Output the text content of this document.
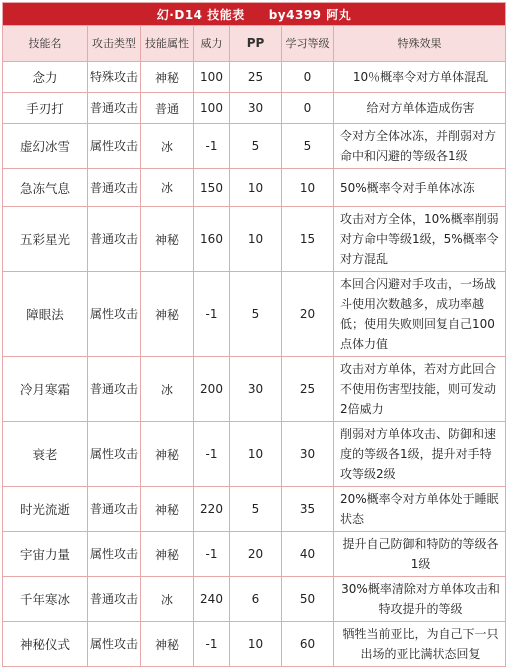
幻·D14 技能表 by4399 阿丸						
技能名	攻击类型	技能属性	威力	PP	学习等级	特殊效果
念力	特殊攻击	神秘	100	25	0	10％概率令对方单体混乱
手刃打	普通攻击	普通	100	30	0	给对方单体造成伤害
虚幻冰雪	属性攻击	冰	-1	5	5	令对方全体冰冻，并削弱对方命中和闪避的等级各1级
急冻气息	普通攻击	冰	150	10	10	50%概率令对手单体冰冻
五彩星光	普通攻击	神秘	160	10	15	攻击对方全体，10%概率削弱对方命中等级1级，5%概率令对方混乱
障眼法	属性攻击	神秘	-1	5	20	本回合闪避对手攻击，一场战斗使用次数越多，成功率越低；使用失败则回复自己100点体力值
冷月寒霜	普通攻击	冰	200	30	25	攻击对方单体，若对方此回合不使用伤害型技能，则可发动2倍威力
衰老	属性攻击	神秘	-1	10	30	削弱对方单体攻击、防御和速度的等级各1级，提升对手特攻等级2级
时光流逝	普通攻击	神秘	220	5	35	20%概率令对方单体处于睡眠状态
宇宙力量	属性攻击	神秘	-1	20	40	提升自己防御和特防的等级各1级
千年寒冰	普通攻击	冰	240	6	50	30%概率清除对方单体攻击和特攻提升的等级
神秘仪式	属性攻击	神秘	-1	10	60	牺牲当前亚比，为自己下一只出场的亚比满状态回复
